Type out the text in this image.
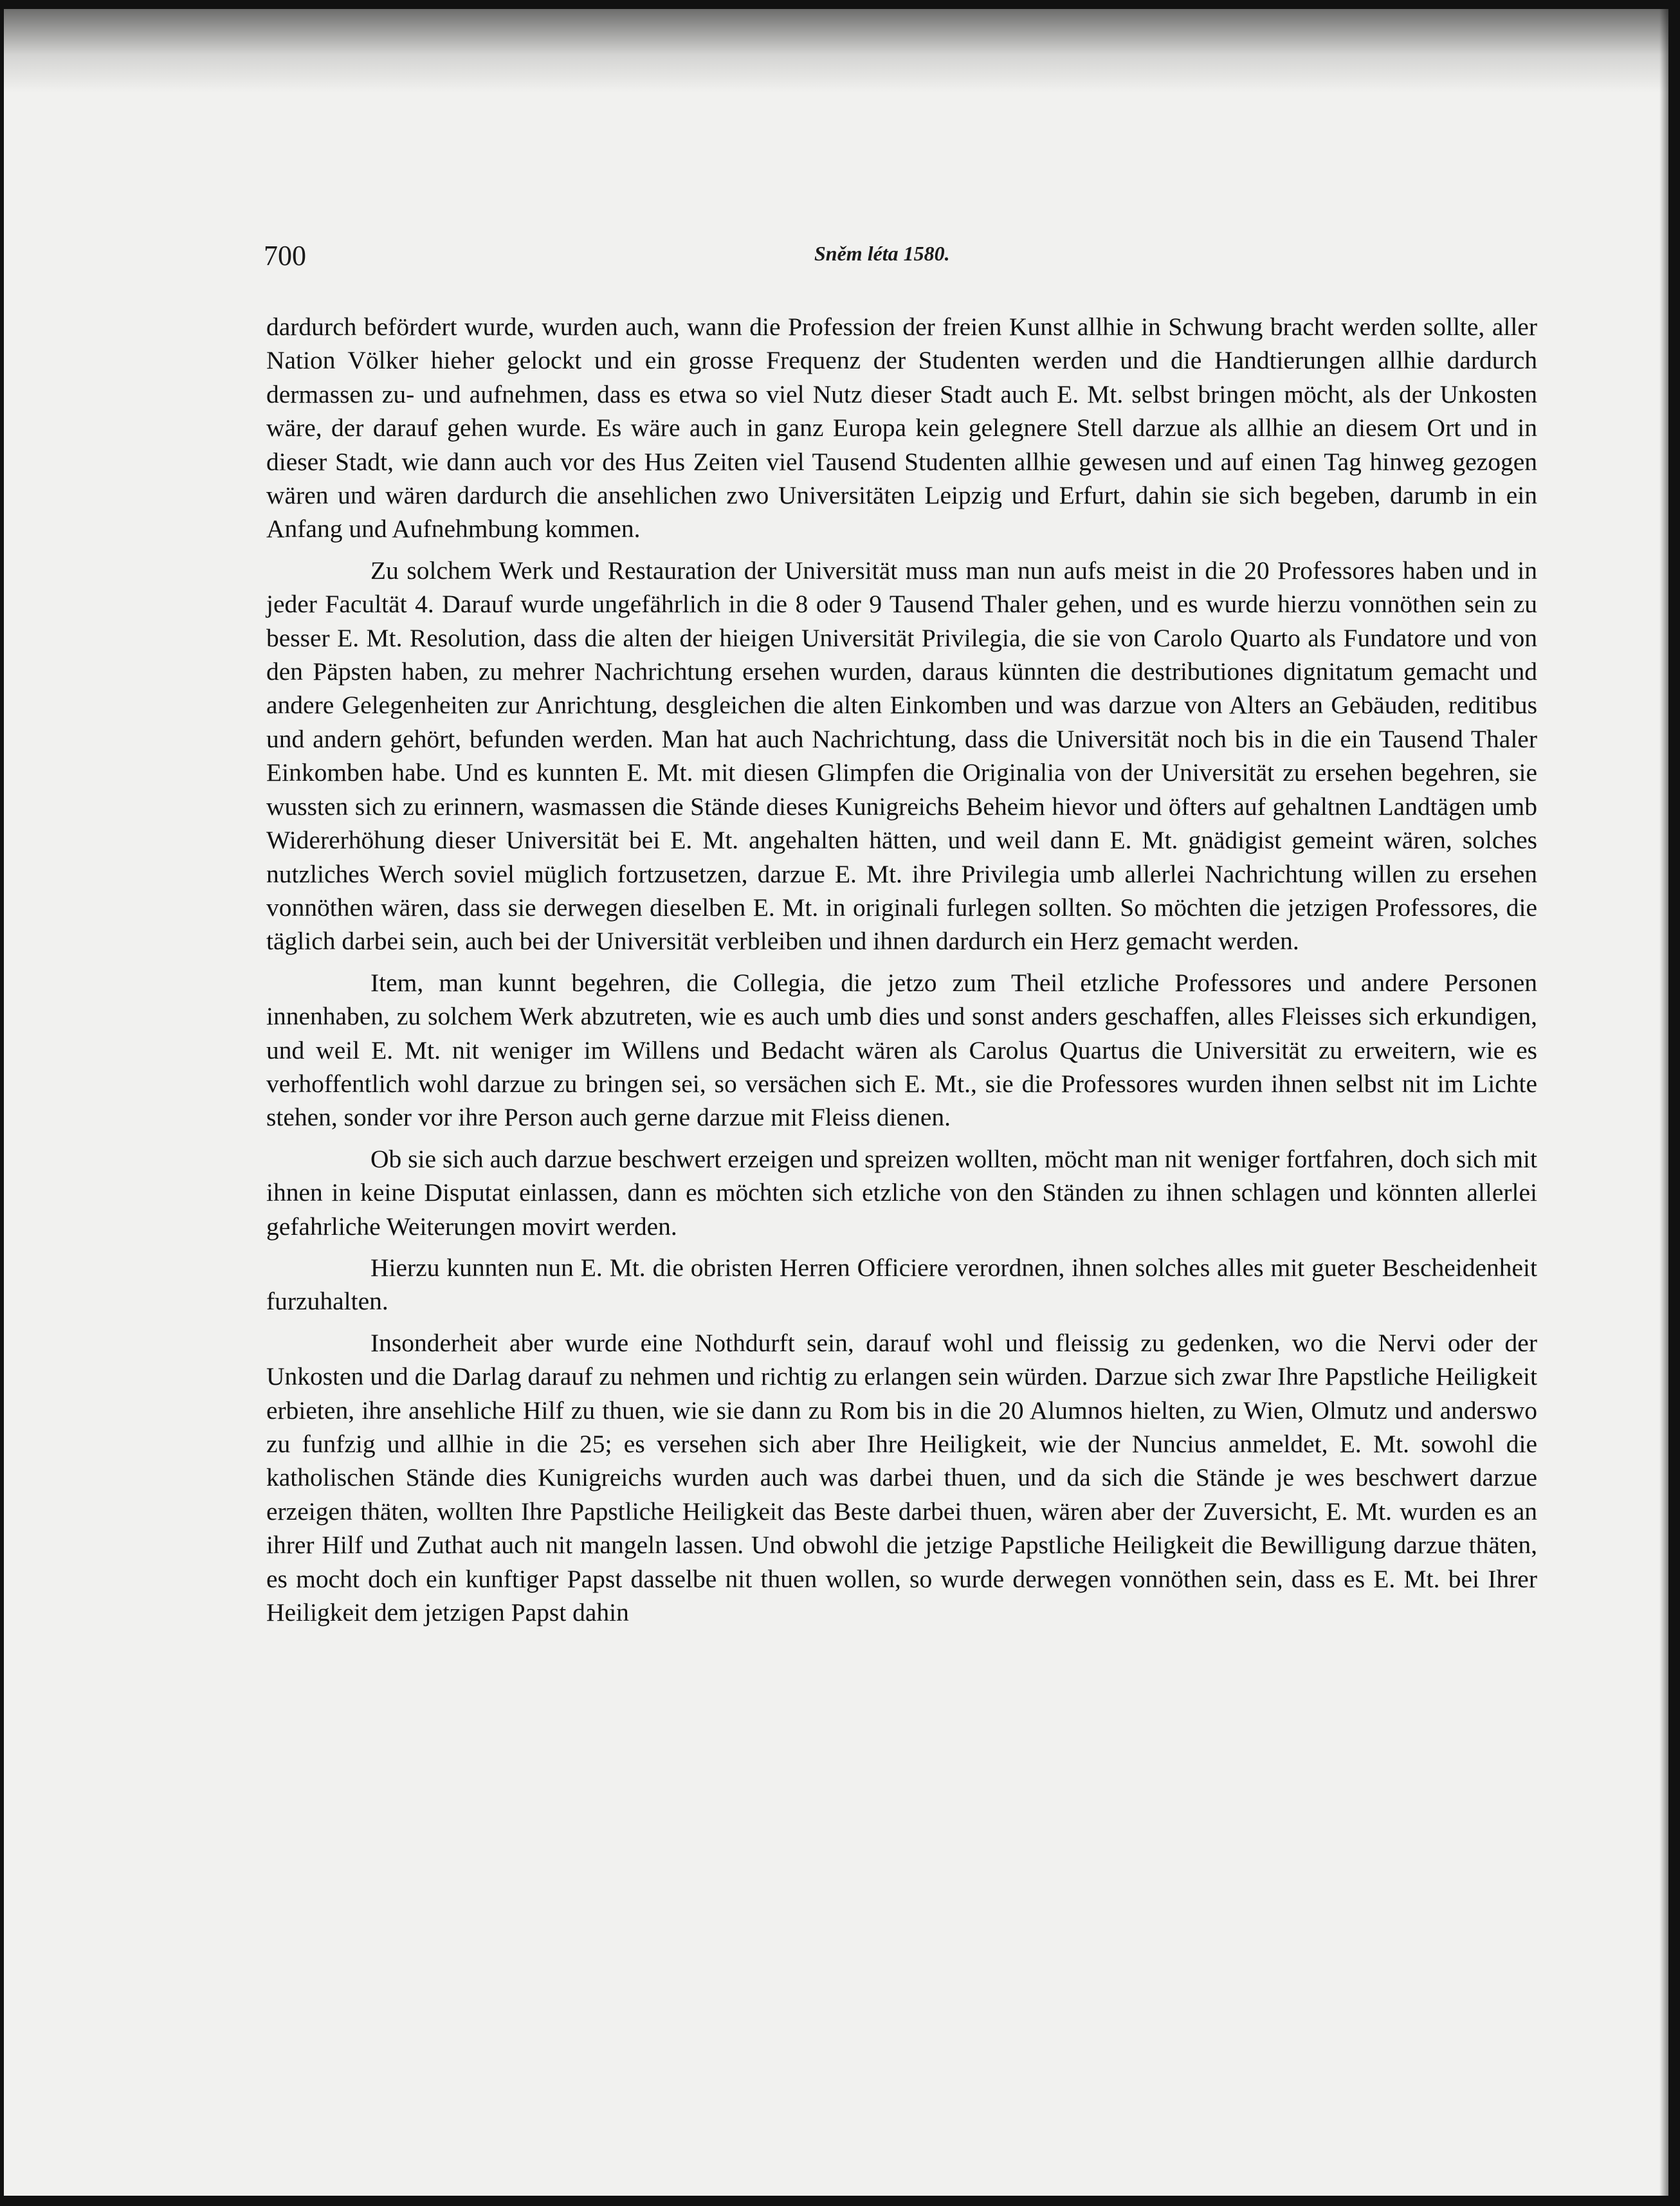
700	Sněm léta 1580.

dardurch befördert wurde, wurden auch, wann die Profession der freien Kunst allhie in Schwung bracht werden sollte, aller Nation Völker hieher gelockt und ein grosse Frequenz der Studenten werden und die Handtierungen allhie dardurch dermassen zu- und aufnehmen, dass es etwa so viel Nutz dieser Stadt auch E. Mt. selbst bringen möcht, als der Unkosten wäre, der darauf gehen wurde. Es wäre auch in ganz Europa kein gelegnere Stell darzue als allhie an diesem Ort und in dieser Stadt, wie dann auch vor des Hus Zeiten viel Tausend Studenten allhie gewesen und auf einen Tag hinweg gezogen wären und wären dardurch die ansehlichen zwo Universitäten Leipzig und Erfurt, dahin sie sich begeben, darumb in ein Anfang und Aufnehmbung kommen.

Zu solchem Werk und Restauration der Universität muss man nun aufs meist in die 20 Professores haben und in jeder Facultät 4. Darauf wurde ungefährlich in die 8 oder 9 Tausend Thaler gehen, und es wurde hierzu vonnöthen sein zu besser E. Mt. Resolution, dass die alten der hieigen Universität Privilegia, die sie von Carolo Quarto als Fundatore und von den Päpsten haben, zu mehrer Nachrichtung ersehen wurden, daraus künnten die destributiones dignitatum gemacht und andere Gelegenheiten zur Anrichtung, desgleichen die alten Einkomben und was darzue von Alters an Gebäuden, reditibus und andern gehört, befunden werden. Man hat auch Nachrichtung, dass die Universität noch bis in die ein Tausend Thaler Einkomben habe. Und es kunnten E. Mt. mit diesen Glimpfen die Originalia von der Universität zu ersehen begehren, sie wussten sich zu erinnern, wasmassen die Stände dieses Kunigreichs Beheim hievor und öfters auf gehaltnen Landtägen umb Widererhöhung dieser Universität bei E. Mt. angehalten hätten, und weil dann E. Mt. gnädigist gemeint wären, solches nutzliches Werch soviel müglich fortzusetzen, darzue E. Mt. ihre Privilegia umb allerlei Nachrichtung willen zu ersehen vonnöthen wären, dass sie derwegen dieselben E. Mt. in originali furlegen sollten. So möchten die jetzigen Professores, die täglich darbei sein, auch bei der Universität verbleiben und ihnen dardurch ein Herz gemacht werden.

Item, man kunnt begehren, die Collegia, die jetzo zum Theil etzliche Professores und andere Personen innenhaben, zu solchem Werk abzutreten, wie es auch umb dies und sonst anders geschaffen, alles Fleisses sich erkundigen, und weil E. Mt. nit weniger im Willens und Bedacht wären als Carolus Quartus die Universität zu erweitern, wie es verhoffentlich wohl darzue zu bringen sei, so versächen sich E. Mt., sie die Professores wurden ihnen selbst nit im Lichte stehen, sonder vor ihre Person auch gerne darzue mit Fleiss dienen.

Ob sie sich auch darzue beschwert erzeigen und spreizen wollten, möcht man nit weniger fortfahren, doch sich mit ihnen in keine Disputat einlassen, dann es möchten sich etzliche von den Ständen zu ihnen schlagen und könnten allerlei gefahrliche Weiterungen movirt werden.

Hierzu kunnten nun E. Mt. die obristen Herren Officiere verordnen, ihnen solches alles mit gueter Bescheidenheit furzuhalten.

Insonderheit aber wurde eine Nothdurft sein, darauf wohl und fleissig zu gedenken, wo die Nervi oder der Unkosten und die Darlag darauf zu nehmen und richtig zu erlangen sein würden. Darzue sich zwar Ihre Papstliche Heiligkeit erbieten, ihre ansehliche Hilf zu thuen, wie sie dann zu Rom bis in die 20 Alumnos hielten, zu Wien, Olmutz und anderswo zu funfzig und allhie in die 25; es versehen sich aber Ihre Heiligkeit, wie der Nuncius anmeldet, E. Mt. sowohl die katholischen Stände dies Kunigreichs wurden auch was darbei thuen, und da sich die Stände je wes beschwert darzue erzeigen thäten, wollten Ihre Papstliche Heiligkeit das Beste darbei thuen, wären aber der Zuversicht, E. Mt. wurden es an ihrer Hilf und Zuthat auch nit mangeln lassen. Und obwohl die jetzige Papstliche Heiligkeit die Bewilligung darzue thäten, es mocht doch ein kunftiger Papst dasselbe nit thuen wollen, so wurde derwegen vonnöthen sein, dass es E. Mt. bei Ihrer Heiligkeit dem jetzigen Papst dahin
